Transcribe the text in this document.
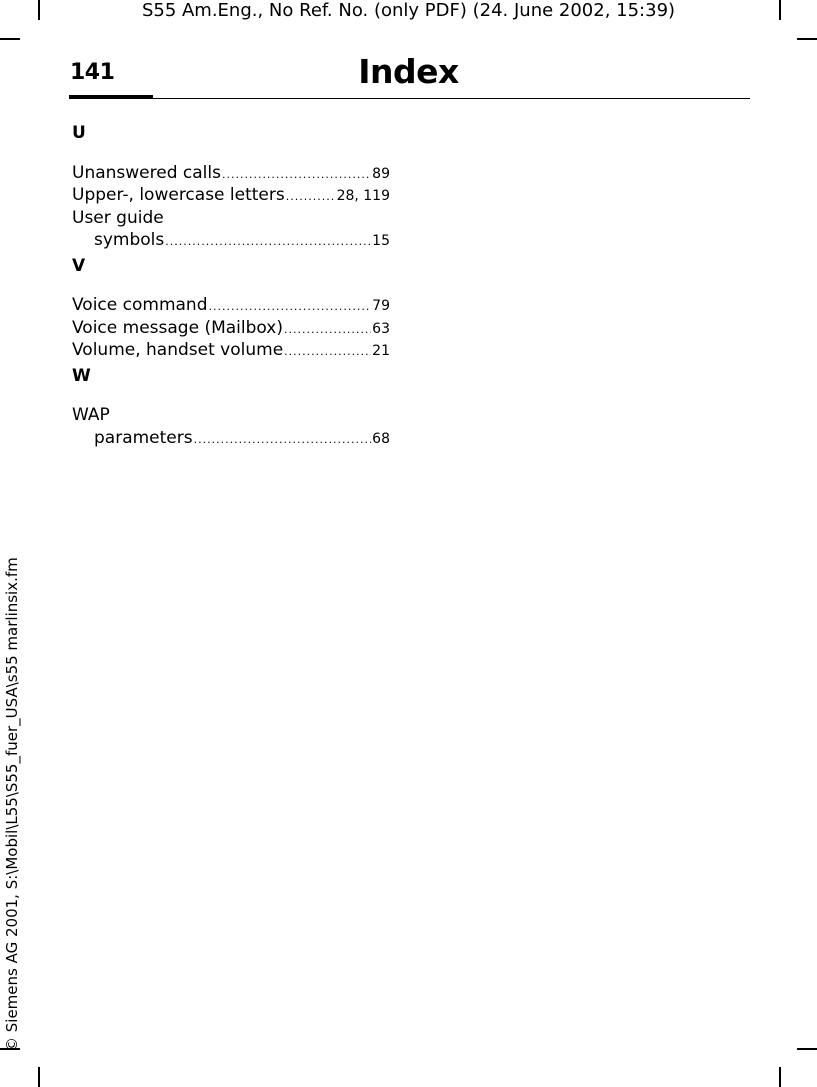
S55 Am.Eng., No Ref. No. (only PDF) (24. June 2002, 15:39)
141	Index
U
Unanswered calls .....	89
Upper-, lowercase letters .....	28, 119
User guide
symbols .....	15
V
Voice command .....	79
Voice message (Mailbox) .....	63
Volume, handset volume .....	21
W
WAP
parameters .....	68
© Siemens AG 2001, S:\Mobil\L55\S55_fuer_USA\s55 marlinsix.fm
